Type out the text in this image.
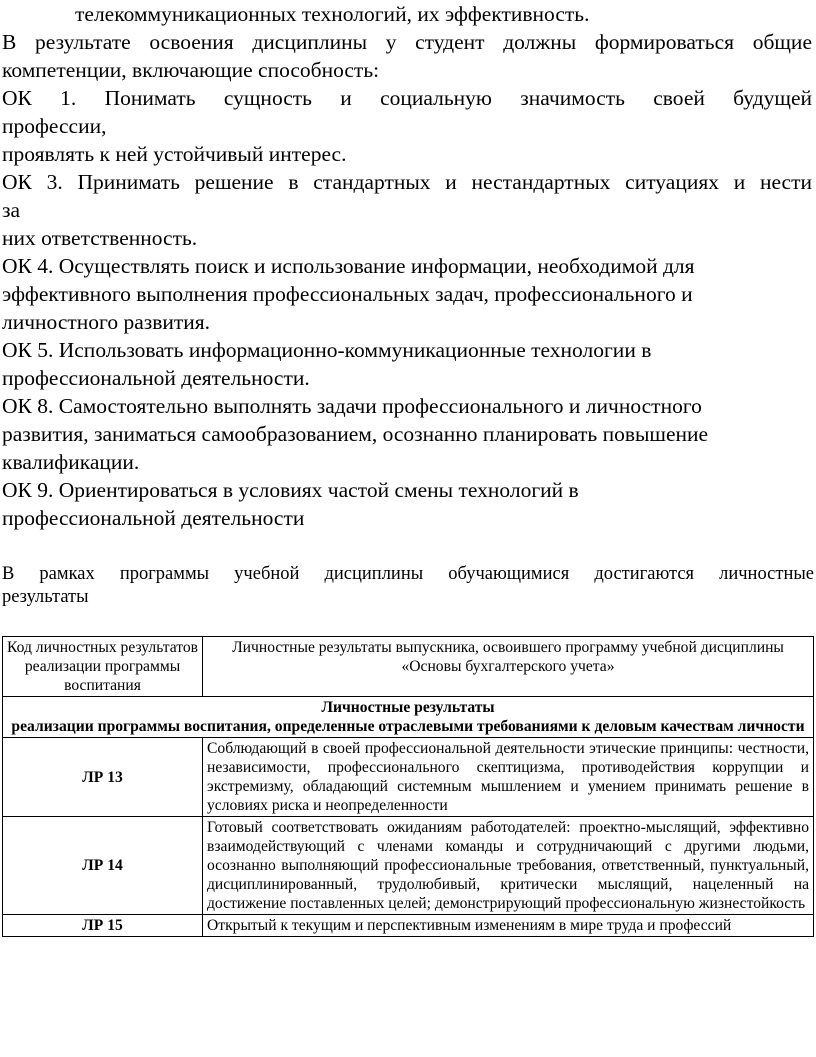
телекоммуникационных технологий, их эффективность.

В результате освоения дисциплины у студент должны формироваться общие

компетенции, включающие способность:

ОК 1. Понимать сущность и социальную значимость своей будущей

профессии,

проявлять к ней устойчивый интерес.

ОК 3. Принимать решение в стандартных и нестандартных ситуациях и нести

за

них ответственность.

ОК 4. Осуществлять поиск и использование информации, необходимой для

эффективного выполнения профессиональных задач, профессионального и

личностного развития.

ОК 5. Использовать информационно-коммуникационные технологии в

профессиональной деятельности.

ОК 8. Самостоятельно выполнять задачи профессионального и личностного

развития, заниматься самообразованием, осознанно планировать повышение

квалификации.

ОК 9. Ориентироваться в условиях частой смены технологий в

профессиональной деятельности

В рамках программы учебной дисциплины обучающимися достигаются личностные
результаты
Код личностных результатов реализации программы воспитания	Личностные результаты выпускника, освоившего программу учебной дисциплины «Основы бухгалтерского учета»

Личностные результаты
реализации программы воспитания, определенные отраслевыми требованиями к деловым качествам личности	

ЛР 13	Соблюдающий в своей профессиональной деятельности этические принципы: честности, независимости, профессионального скептицизма, противодействия коррупции и экстремизму, обладающий системным мышлением и умением принимать решение в условиях риска и неопределенности
ЛР 14	Готовый соответствовать ожиданиям работодателей: проектно-мыслящий, эффективно взаимодействующий с членами команды и сотрудничающий с другими людьми, осознанно выполняющий профессиональные требования, ответственный, пунктуальный, дисциплинированный, трудолюбивый, критически мыслящий, нацеленный на достижение поставленных целей; демонстрирующий профессиональную жизнестойкость
ЛР 15	Открытый к текущим и перспективным изменениям в мире труда и профессий
